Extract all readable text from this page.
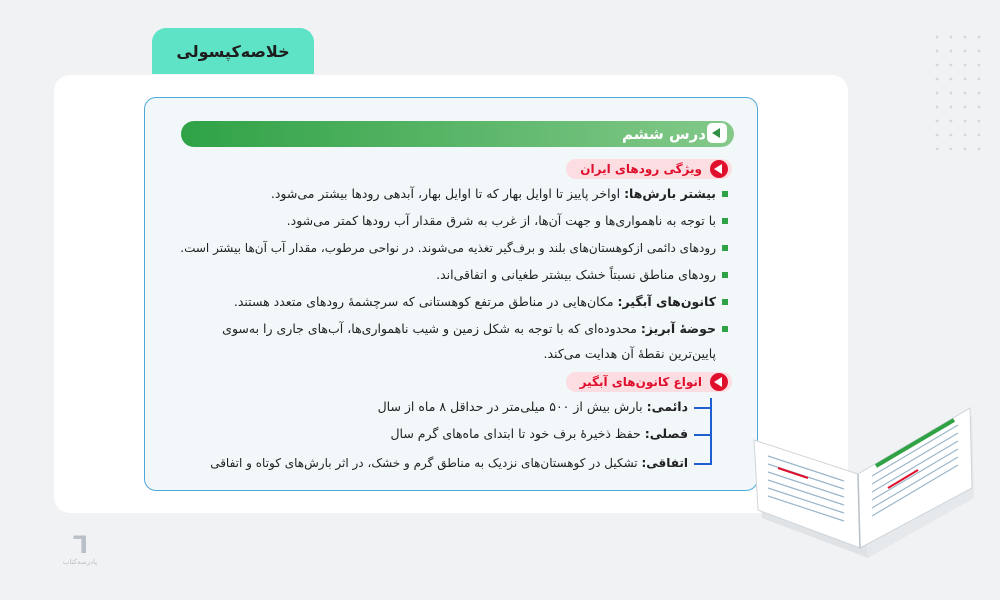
خلاصه‌کپسولی
درس ششم
ویژگی رودهای ایران
بیشتر بارش‌ها: اواخر پاییز تا اوایل بهار که تا اوایل بهار، آبدهی رودها بیشتر می‌شود.
با توجه به ناهمواری‌ها و جهت آن‌ها، از غرب به شرق مقدار آب رودها کمتر می‌شود.
رودهای دائمی ازکوهستان‌های بلند و برف‌گیر تغذیه می‌شوند. در نواحی مرطوب، مقدار آب آن‌ها بیشتر است.
رودهای مناطق نسبتاً خشک بیشتر طغیانی و اتفاقی‌اند.
کانون‌های آبگیر: مکان‌هایی در مناطق مرتفع کوهستانی که سرچشمهٔ رودهای متعدد هستند.
حوضهٔ آبریز: محدوده‌ای که با توجه به شکل زمین و شیب ناهمواری‌ها، آب‌های جاری را به‌سوی
پایین‌ترین نقطهٔ آن هدایت می‌کند.
انواع کانون‌های آبگیر
دائمی: بارش بیش از ۵۰۰ میلی‌متر در حداقل ۸ ماه از سال
فصلی: حفظ ذخیرهٔ برف خود تا ابتدای ماه‌های گرم سال
اتفاقی: تشکیل در کوهستان‌های نزدیک به مناطق گرم و خشک، در اثر بارش‌های کوتاه و اتفاقی
⅂
پادرسه‌کتاب
